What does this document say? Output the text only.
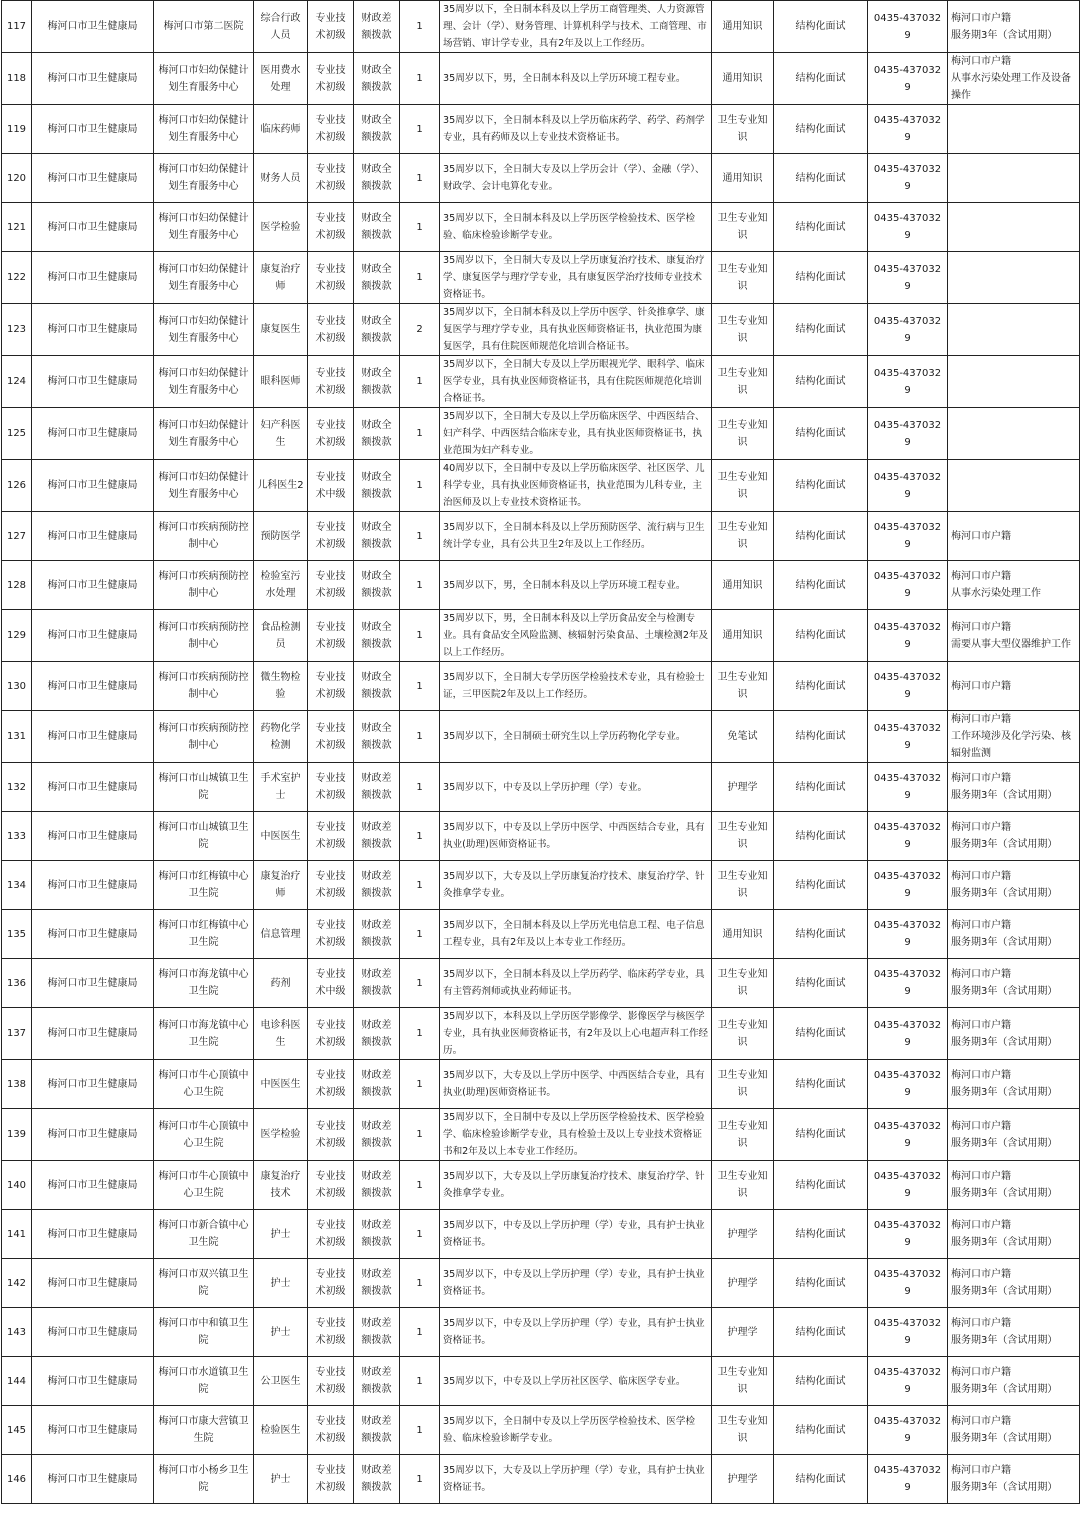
117	梅河口市卫生健康局	梅河口市第二医院	综合行政人员	专业技术初级	财政差额拨款	1	35周岁以下，全日制本科及以上学历工商管理类、人力资源管理、会计（学）、财务管理、计算机科学与技术、工商管理、市场营销、审计学专业，具有2年及以上工作经历。	通用知识	结构化面试	0435-4370329	梅河口市户籍
服务期3年（含试用期）
118	梅河口市卫生健康局	梅河口市妇幼保健计划生育服务中心	医用费水处理	专业技术初级	财政全额拨款	1	35周岁以下，男，全日制本科及以上学历环境工程专业。	通用知识	结构化面试	0435-4370329	梅河口市户籍
从事水污染处理工作及设备操作
119	梅河口市卫生健康局	梅河口市妇幼保健计划生育服务中心	临床药师	专业技术初级	财政全额拨款	1	35周岁以下，全日制本科及以上学历临床药学、药学、药剂学专业，具有药师及以上专业技术资格证书。	卫生专业知识	结构化面试	0435-4370329	
120	梅河口市卫生健康局	梅河口市妇幼保健计划生育服务中心	财务人员	专业技术初级	财政全额拨款	1	35周岁以下，全日制大专及以上学历会计（学）、金融（学）、财政学、会计电算化专业。	通用知识	结构化面试	0435-4370329	
121	梅河口市卫生健康局	梅河口市妇幼保健计划生育服务中心	医学检验	专业技术初级	财政全额拨款	1	35周岁以下，全日制本科及以上学历医学检验技术、医学检验、临床检验诊断学专业。	卫生专业知识	结构化面试	0435-4370329	
122	梅河口市卫生健康局	梅河口市妇幼保健计划生育服务中心	康复治疗师	专业技术初级	财政全额拨款	1	35周岁以下，全日制大专及以上学历康复治疗技术、康复治疗学、康复医学与理疗学专业，具有康复医学治疗技师专业技术资格证书。	卫生专业知识	结构化面试	0435-4370329	
123	梅河口市卫生健康局	梅河口市妇幼保健计划生育服务中心	康复医生	专业技术初级	财政全额拨款	2	35周岁以下，全日制本科及以上学历中医学、针灸推拿学、康复医学与理疗学专业，具有执业医师资格证书，执业范围为康复医学，具有住院医师规范化培训合格证书。	卫生专业知识	结构化面试	0435-4370329	
124	梅河口市卫生健康局	梅河口市妇幼保健计划生育服务中心	眼科医师	专业技术初级	财政全额拨款	1	35周岁以下，全日制大专及以上学历眼视光学、眼科学、临床医学专业，具有执业医师资格证书，具有住院医师规范化培训合格证书。	卫生专业知识	结构化面试	0435-4370329	
125	梅河口市卫生健康局	梅河口市妇幼保健计划生育服务中心	妇产科医生	专业技术初级	财政全额拨款	1	35周岁以下，全日制大专及以上学历临床医学、中西医结合、妇产科学、中西医结合临床专业，具有执业医师资格证书，执业范围为妇产科专业。	卫生专业知识	结构化面试	0435-4370329	
126	梅河口市卫生健康局	梅河口市妇幼保健计划生育服务中心	儿科医生2	专业技术中级	财政全额拨款	1	40周岁以下，全日制中专及以上学历临床医学、社区医学、儿科学专业，具有执业医师资格证书，执业范围为儿科专业，主治医师及以上专业技术资格证书。	卫生专业知识	结构化面试	0435-4370329	
127	梅河口市卫生健康局	梅河口市疾病预防控制中心	预防医学	专业技术初级	财政全额拨款	1	35周岁以下，全日制本科及以上学历预防医学、流行病与卫生统计学专业，具有公共卫生2年及以上工作经历。	卫生专业知识	结构化面试	0435-4370329	梅河口市户籍
128	梅河口市卫生健康局	梅河口市疾病预防控制中心	检验室污水处理	专业技术初级	财政全额拨款	1	35周岁以下，男，全日制本科及以上学历环境工程专业。	通用知识	结构化面试	0435-4370329	梅河口市户籍
从事水污染处理工作
129	梅河口市卫生健康局	梅河口市疾病预防控制中心	食品检测员	专业技术初级	财政全额拨款	1	35周岁以下，男，全日制本科及以上学历食品安全与检测专业。具有食品安全风险监测、核辐射污染食品、土壤检测2年及以上工作经历。	通用知识	结构化面试	0435-4370329	梅河口市户籍
需要从事大型仪器维护工作
130	梅河口市卫生健康局	梅河口市疾病预防控制中心	微生物检验	专业技术初级	财政全额拨款	1	35周岁以下，全日制大专学历医学检验技术专业，具有检验士证，三甲医院2年及以上工作经历。	卫生专业知识	结构化面试	0435-4370329	梅河口市户籍
131	梅河口市卫生健康局	梅河口市疾病预防控制中心	药物化学检测	专业技术初级	财政全额拨款	1	35周岁以下，全日制硕士研究生以上学历药物化学专业。	免笔试	结构化面试	0435-4370329	梅河口市户籍
工作环境涉及化学污染、核辐射监测
132	梅河口市卫生健康局	梅河口市山城镇卫生院	手术室护士	专业技术初级	财政差额拨款	1	35周岁以下，中专及以上学历护理（学）专业。	护理学	结构化面试	0435-4370329	梅河口市户籍
服务期3年（含试用期）
133	梅河口市卫生健康局	梅河口市山城镇卫生院	中医医生	专业技术初级	财政差额拨款	1	35周岁以下，中专及以上学历中医学、中西医结合专业，具有执业(助理)医师资格证书。	卫生专业知识	结构化面试	0435-4370329	梅河口市户籍
服务期3年（含试用期）
134	梅河口市卫生健康局	梅河口市红梅镇中心卫生院	康复治疗师	专业技术初级	财政差额拨款	1	35周岁以下，大专及以上学历康复治疗技术、康复治疗学、针灸推拿学专业。	卫生专业知识	结构化面试	0435-4370329	梅河口市户籍
服务期3年（含试用期）
135	梅河口市卫生健康局	梅河口市红梅镇中心卫生院	信息管理	专业技术初级	财政差额拨款	1	35周岁以下，全日制本科及以上学历光电信息工程、电子信息工程专业，具有2年及以上本专业工作经历。	通用知识	结构化面试	0435-4370329	梅河口市户籍
服务期3年（含试用期）
136	梅河口市卫生健康局	梅河口市海龙镇中心卫生院	药剂	专业技术中级	财政差额拨款	1	35周岁以下，全日制本科及以上学历药学、临床药学专业，具有主管药剂师或执业药师证书。	卫生专业知识	结构化面试	0435-4370329	梅河口市户籍
服务期3年（含试用期）
137	梅河口市卫生健康局	梅河口市海龙镇中心卫生院	电诊科医生	专业技术初级	财政差额拨款	1	35周岁以下，本科及以上学历医学影像学、影像医学与核医学专业，具有执业医师资格证书，有2年及以上心电超声科工作经历。	卫生专业知识	结构化面试	0435-4370329	梅河口市户籍
服务期3年（含试用期）
138	梅河口市卫生健康局	梅河口市牛心顶镇中心卫生院	中医医生	专业技术初级	财政差额拨款	1	35周岁以下，大专及以上学历中医学、中西医结合专业，具有执业(助理)医师资格证书。	卫生专业知识	结构化面试	0435-4370329	梅河口市户籍
服务期3年（含试用期）
139	梅河口市卫生健康局	梅河口市牛心顶镇中心卫生院	医学检验	专业技术初级	财政差额拨款	1	35周岁以下，全日制中专及以上学历医学检验技术、医学检验学、临床检验诊断学专业，具有检验士及以上专业技术资格证书和2年及以上本专业工作经历。	卫生专业知识	结构化面试	0435-4370329	梅河口市户籍
服务期3年（含试用期）
140	梅河口市卫生健康局	梅河口市牛心顶镇中心卫生院	康复治疗技术	专业技术初级	财政差额拨款	1	35周岁以下，大专及以上学历康复治疗技术、康复治疗学、针灸推拿学专业。	卫生专业知识	结构化面试	0435-4370329	梅河口市户籍
服务期3年（含试用期）
141	梅河口市卫生健康局	梅河口市新合镇中心卫生院	护士	专业技术初级	财政差额拨款	1	35周岁以下，中专及以上学历护理（学）专业，具有护士执业资格证书。	护理学	结构化面试	0435-4370329	梅河口市户籍
服务期3年（含试用期）
142	梅河口市卫生健康局	梅河口市双兴镇卫生院	护士	专业技术初级	财政差额拨款	1	35周岁以下，中专及以上学历护理（学）专业，具有护士执业资格证书。	护理学	结构化面试	0435-4370329	梅河口市户籍
服务期3年（含试用期）
143	梅河口市卫生健康局	梅河口市中和镇卫生院	护士	专业技术初级	财政差额拨款	1	35周岁以下，中专及以上学历护理（学）专业，具有护士执业资格证书。	护理学	结构化面试	0435-4370329	梅河口市户籍
服务期3年（含试用期）
144	梅河口市卫生健康局	梅河口市水道镇卫生院	公卫医生	专业技术初级	财政差额拨款	1	35周岁以下，中专及以上学历社区医学、临床医学专业。	卫生专业知识	结构化面试	0435-4370329	梅河口市户籍
服务期3年（含试用期）
145	梅河口市卫生健康局	梅河口市康大营镇卫生院	检验医生	专业技术初级	财政差额拨款	1	35周岁以下，全日制中专及以上学历医学检验技术、医学检验、临床检验诊断学专业。	卫生专业知识	结构化面试	0435-4370329	梅河口市户籍
服务期3年（含试用期）
146	梅河口市卫生健康局	梅河口市小杨乡卫生院	护士	专业技术初级	财政差额拨款	1	35周岁以下，大专及以上学历护理（学）专业，具有护士执业资格证书。	护理学	结构化面试	0435-4370329	梅河口市户籍
服务期3年（含试用期）
